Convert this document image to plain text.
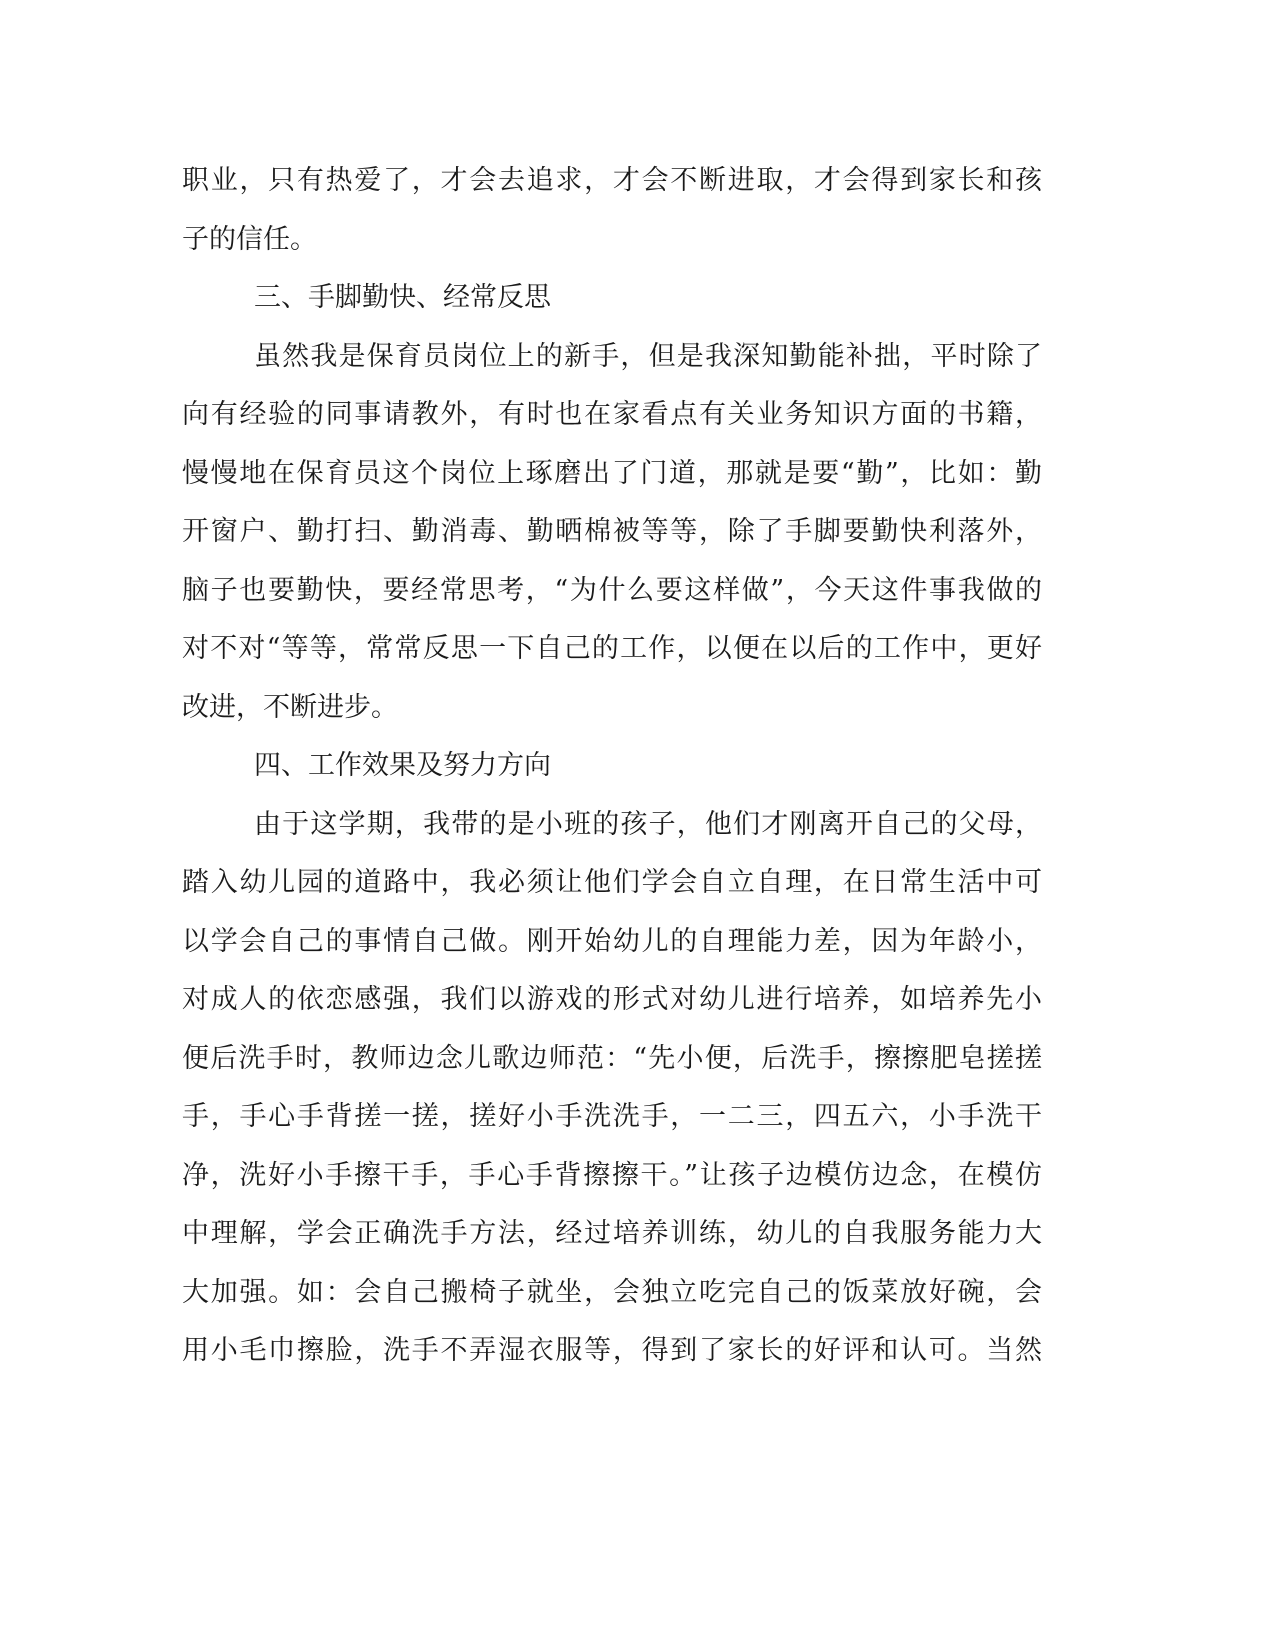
职业，只有热爱了，才会去追求，才会不断进取，才会得到家长和孩
子的信任。
三、手脚勤快、经常反思
虽然我是保育员岗位上的新手，但是我深知勤能补拙，平时除了
向有经验的同事请教外，有时也在家看点有关业务知识方面的书籍，
慢慢地在保育员这个岗位上琢磨出了门道，那就是要“勤”，比如：勤
开窗户、勤打扫、勤消毒、勤晒棉被等等，除了手脚要勤快利落外，
脑子也要勤快，要经常思考，“为什么要这样做”，今天这件事我做的
对不对“等等，常常反思一下自己的工作，以便在以后的工作中，更好
改进，不断进步。
四、工作效果及努力方向
由于这学期，我带的是小班的孩子，他们才刚离开自己的父母，
踏入幼儿园的道路中，我必须让他们学会自立自理，在日常生活中可
以学会自己的事情自己做。刚开始幼儿的自理能力差，因为年龄小，
对成人的依恋感强，我们以游戏的形式对幼儿进行培养，如培养先小
便后洗手时，教师边念儿歌边师范：“先小便，后洗手，擦擦肥皂搓搓
手，手心手背搓一搓，搓好小手洗洗手，一二三，四五六，小手洗干
净，洗好小手擦干手，手心手背擦擦干。”让孩子边模仿边念，在模仿
中理解，学会正确洗手方法，经过培养训练，幼儿的自我服务能力大
大加强。如：会自己搬椅子就坐，会独立吃完自己的饭菜放好碗，会
用小毛巾擦脸，洗手不弄湿衣服等，得到了家长的好评和认可。当然
